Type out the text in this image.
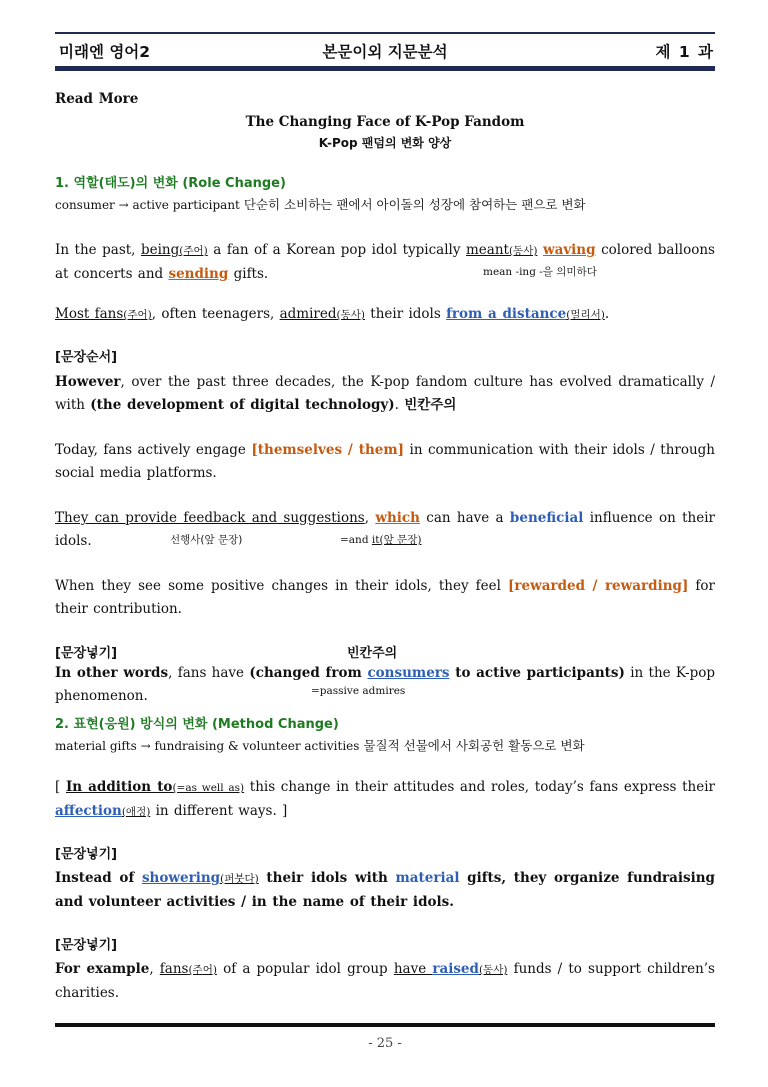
미래엔 영어2	본문이외 지문분석	제 1 과

Read More

The Changing Face of K-Pop Fandom

K-Pop 팬덤의 변화 양상

1. 역할(태도)의 변화 (Role Change)

consumer → active participant 단순히 소비하는 팬에서 아이돌의 성장에 참여하는 팬으로 변화

In the past, being(주어) a fan of a Korean pop idol typically meant(동사) waving colored balloons at concerts and sending gifts.	mean -ing -을 의미하다

Most fans(주어), often teenagers, admired(동사) their idols from a distance(멀리서).

[문장순서]

However, over the past three decades, the K-pop fandom culture has evolved dramatically / with (the development of digital technology). 빈칸주의

Today, fans actively engage [themselves / them] in communication with their idols / through social media platforms.

They can provide feedback and suggestions, which can have a beneficial influence on their idols.	선행사(앞 문장)	=and it(앞 문장)

When they see some positive changes in their idols, they feel [rewarded / rewarding] for their contribution.

[문장넣기]	빈칸주의

In other words, fans have (changed from consumers to active participants) in the K-pop phenomenon.	=passive admires

2. 표현(응원) 방식의 변화 (Method Change)

material gifts → fundraising & volunteer activities 물질적 선물에서 사회공헌 활동으로 변화

[ In addition to(=as well as) this change in their attitudes and roles, today’s fans express their affection(애정) in different ways. ]

[문장넣기]

Instead of showering(퍼붓다) their idols with material gifts, they organize fundraising and volunteer activities / in the name of their idols.

[문장넣기]

For example, fans(주어) of a popular idol group have raised(동사) funds / to support children’s charities.

- 25 -
